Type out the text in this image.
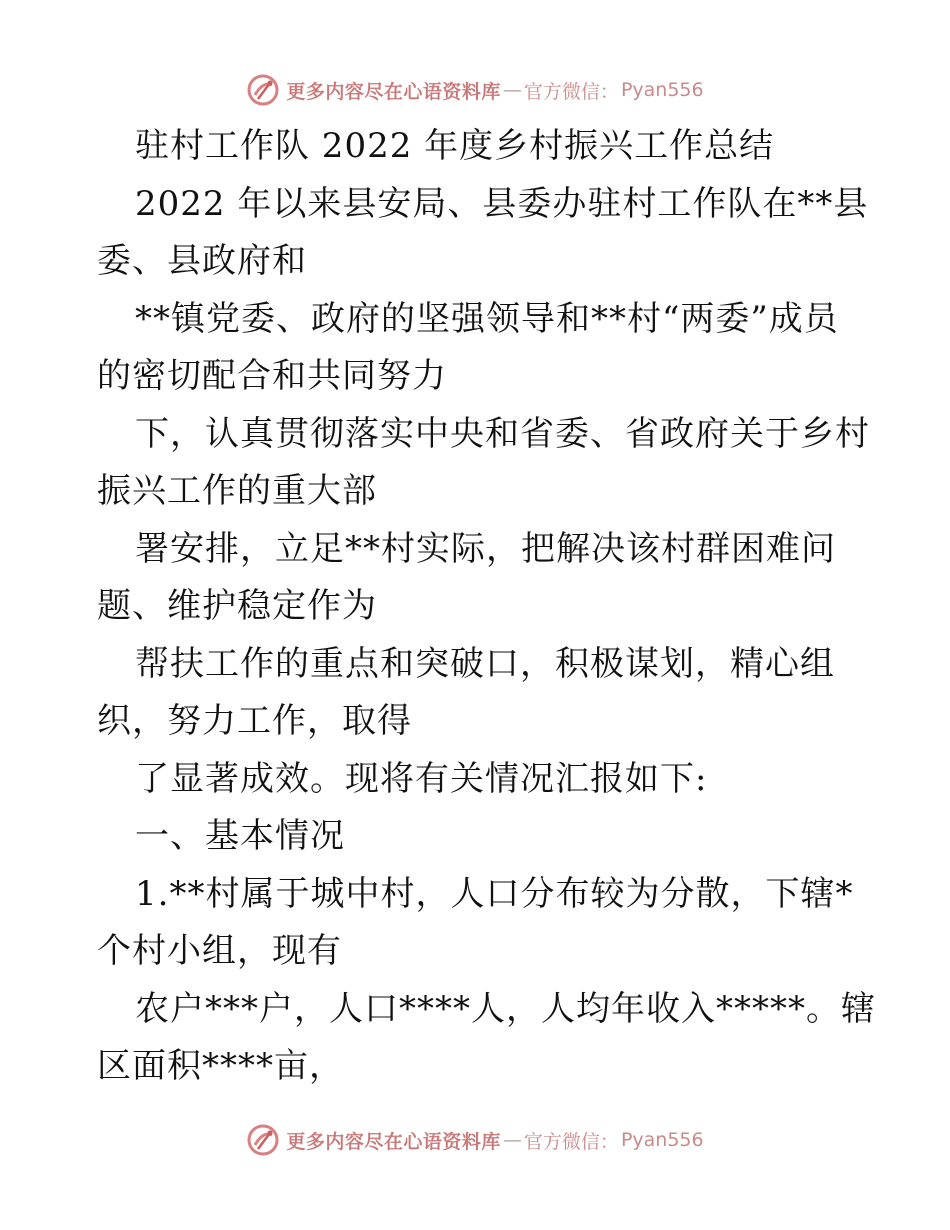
更多内容尽在心语资料库 — 官方微信： Pyan556
驻村工作队 2022 年度乡村振兴工作总结
2022 年以来县安局、县委办驻村工作队在**县
委、县政府和
**镇党委、政府的坚强领导和**村“两委”成员
的密切配合和共同努力
下，认真贯彻落实中央和省委、省政府关于乡村
振兴工作的重大部
署安排，立足**村实际，把解决该村群困难问
题、维护稳定作为
帮扶工作的重点和突破口，积极谋划，精心组
织，努力工作，取得
了显著成效。现将有关情况汇报如下:
一、基本情况
1.**村属于城中村，人口分布较为分散，下辖*
个村小组，现有
农户***户，人口****人，人均年收入*****。辖
区面积****亩，
更多内容尽在心语资料库 — 官方微信： Pyan556
